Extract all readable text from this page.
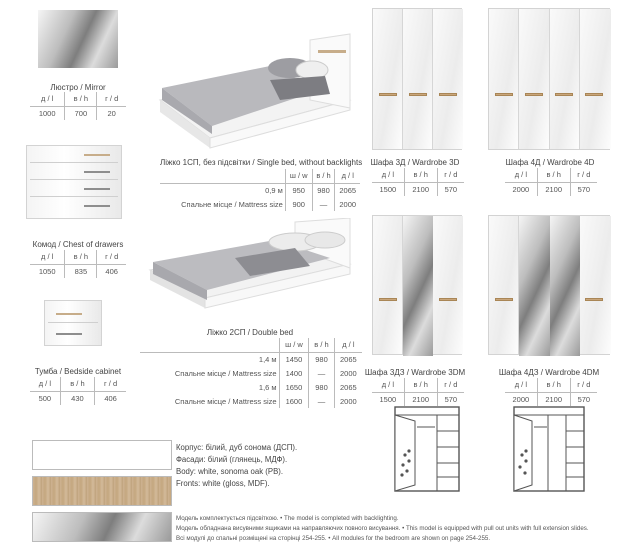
Люстро / Mirror
д / l	в / h	г / d
1000	700	20
Ліжко 1СП, без підсвітки / Single bed, without backlights
	ш / w	в / h	д / l
0,9 м	950	980	2065
Спальне місце / Mattress size	900	—	2000
Шафа 3Д / Wardrobe 3D
д / l	в / h	г / d
1500	2100	570
Шафа 4Д / Wardrobe 4D
д / l	в / h	г / d
2000	2100	570
Комод / Chest of drawers
д / l	в / h	г / d
1050	835	406
Ліжко 2СП / Double bed
	ш / w	в / h	д / l
1,4 м	1450	980	2065
Спальне місце / Mattress size	1400	—	2000
1,6 м	1650	980	2065
Спальне місце / Mattress size	1600	—	2000
Тумба / Bedside cabinet
д / l	в / h	г / d
500	430	406
Шафа 3ДЗ / Wardrobe 3DM
д / l	в / h	г / d
1500	2100	570
Шафа 4ДЗ / Wardrobe 4DM
д / l	в / h	г / d
2000	2100	570
Корпус: білий, дуб сонома (ДСП).
Фасади: білий (глянець, МДФ).
Body: white, sonoma oak (PB).
Fronts: white (gloss, MDF).
Модель комплектується підсвіткою. • The model is completed with backlighting.
Модель обладнана висувними ящиками на направляючих повного висування. • This model is equipped with pull out units with full extension slides.
Всі модулі до спальні розміщені на сторінці 254-255. • All modules for the bedroom are shown on page 254-255.
